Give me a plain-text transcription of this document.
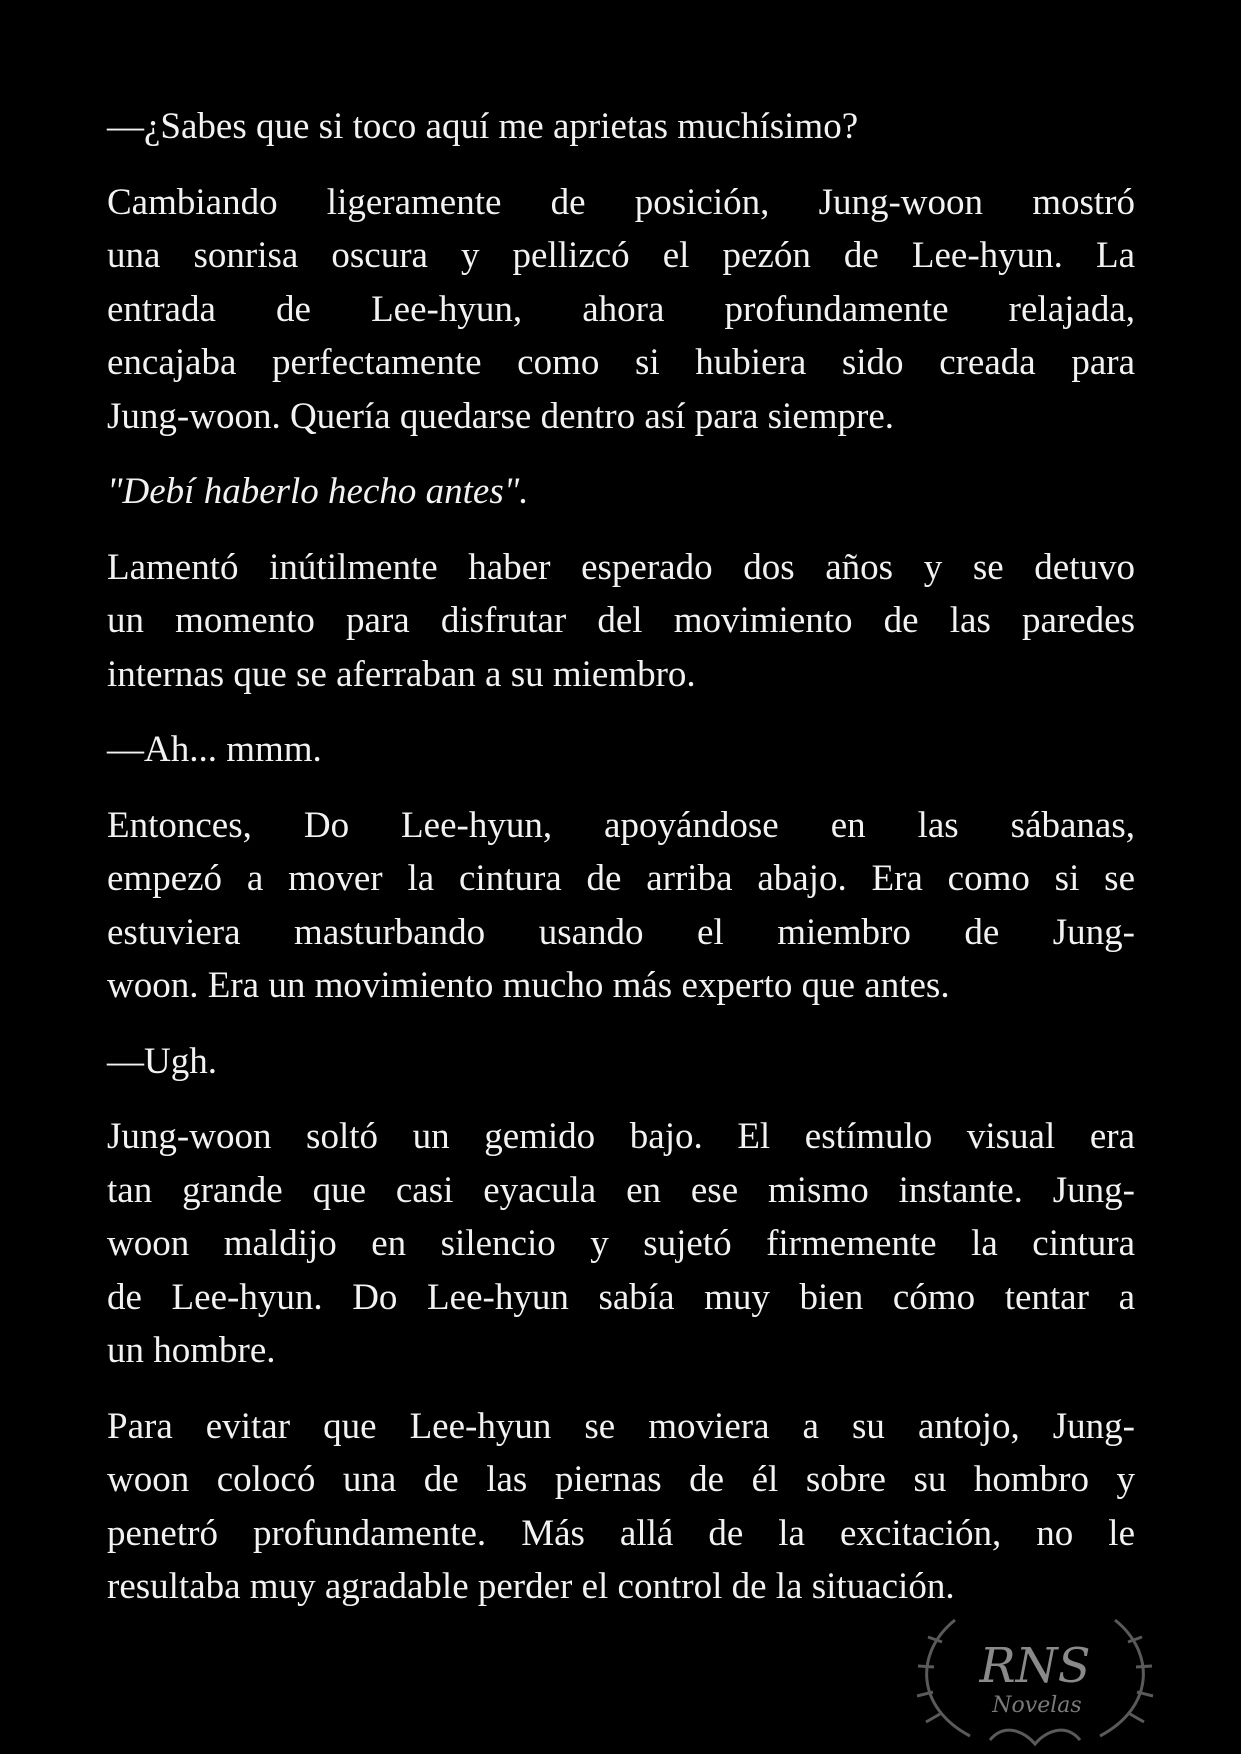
—¿Sabes que si toco aquí me aprietas muchísimo?

Cambiando ligeramente de posición, Jung-woon mostró
una sonrisa oscura y pellizcó el pezón de Lee-hyun. La
entrada de Lee-hyun, ahora profundamente relajada,
encajaba perfectamente como si hubiera sido creada para
Jung-woon. Quería quedarse dentro así para siempre.

"Debí haberlo hecho antes".

Lamentó inútilmente haber esperado dos años y se detuvo
un momento para disfrutar del movimiento de las paredes
internas que se aferraban a su miembro.

—Ah... mmm.

Entonces, Do Lee-hyun, apoyándose en las sábanas,
empezó a mover la cintura de arriba abajo. Era como si se
estuviera masturbando usando el miembro de Jung-
woon. Era un movimiento mucho más experto que antes.

—Ugh.

Jung-woon soltó un gemido bajo. El estímulo visual era
tan grande que casi eyacula en ese mismo instante. Jung-
woon maldijo en silencio y sujetó firmemente la cintura
de Lee-hyun. Do Lee-hyun sabía muy bien cómo tentar a
un hombre.

Para evitar que Lee-hyun se moviera a su antojo, Jung-
woon colocó una de las piernas de él sobre su hombro y
penetró profundamente. Más allá de la excitación, no le
resultaba muy agradable perder el control de la situación.

RNS
Novelas
